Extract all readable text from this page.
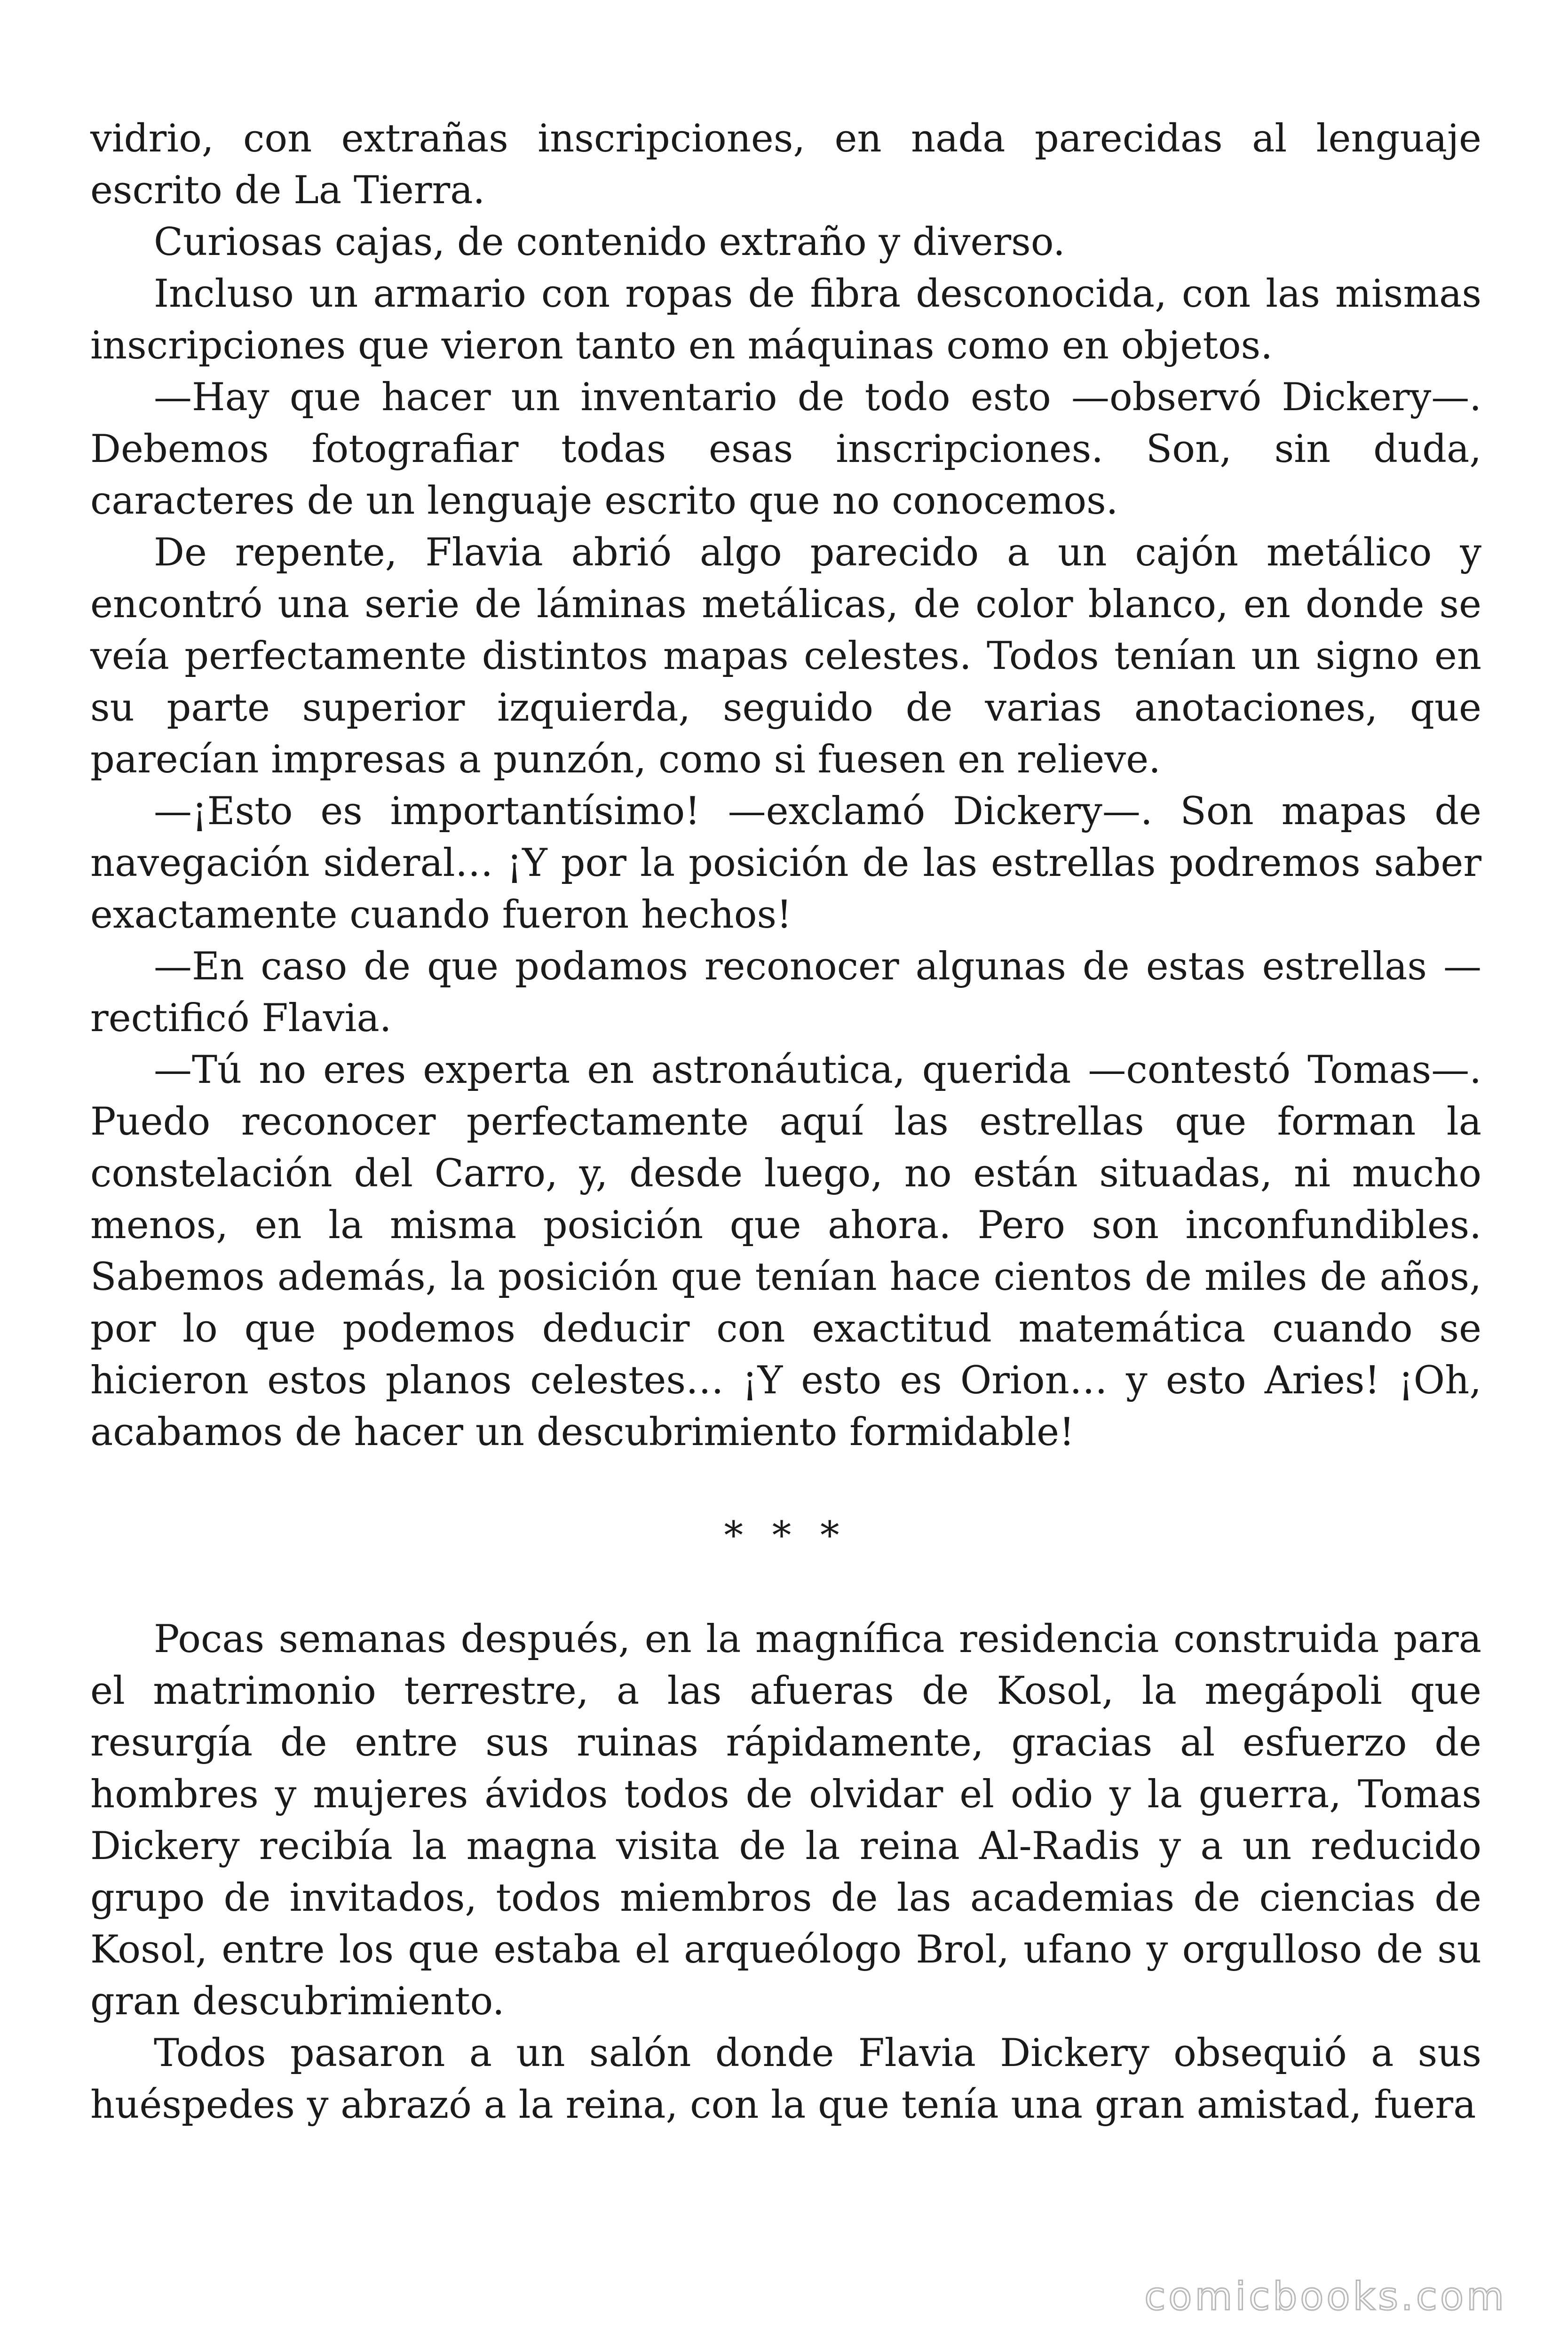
vidrio, con extrañas inscripciones, en nada parecidas al lenguaje escrito de La Tierra.

Curiosas cajas, de contenido extraño y diverso.

Incluso un armario con ropas de fibra desconocida, con las mismas inscripciones que vieron tanto en máquinas como en objetos.

—Hay que hacer un inventario de todo esto —observó Dickery—. Debemos fotografiar todas esas inscripciones. Son, sin duda, caracteres de un lenguaje escrito que no conocemos.

De repente, Flavia abrió algo parecido a un cajón metálico y encontró una serie de láminas metálicas, de color blanco, en donde se veía perfectamente distintos mapas celestes. Todos tenían un signo en su parte superior izquierda, seguido de varias anotaciones, que parecían impresas a punzón, como si fuesen en relieve.

—¡Esto es importantísimo! —exclamó Dickery—. Son mapas de navegación sideral… ¡Y por la posición de las estrellas podremos saber exactamente cuando fueron hechos!

—En caso de que podamos reconocer algunas de estas estrellas —rectificó Flavia.

—Tú no eres experta en astronáutica, querida —contestó Tomas—. Puedo reconocer perfectamente aquí las estrellas que forman la constelación del Carro, y, desde luego, no están situadas, ni mucho menos, en la misma posición que ahora. Pero son inconfundibles. Sabemos además, la posición que tenían hace cientos de miles de años, por lo que podemos deducir con exactitud matemática cuando se hicieron estos planos celestes… ¡Y esto es Orion… y esto Aries! ¡Oh, acabamos de hacer un descubrimiento formidable!

* * *

Pocas semanas después, en la magnífica residencia construida para el matrimonio terrestre, a las afueras de Kosol, la megápoli que resurgía de entre sus ruinas rápidamente, gracias al esfuerzo de hombres y mujeres ávidos todos de olvidar el odio y la guerra, Tomas Dickery recibía la magna visita de la reina Al-Radis y a un reducido grupo de invitados, todos miembros de las academias de ciencias de Kosol, entre los que estaba el arqueólogo Brol, ufano y orgulloso de su gran descubrimiento.

Todos pasaron a un salón donde Flavia Dickery obsequió a sus huéspedes y abrazó a la reina, con la que tenía una gran amistad, fuera

comicbooks.com
